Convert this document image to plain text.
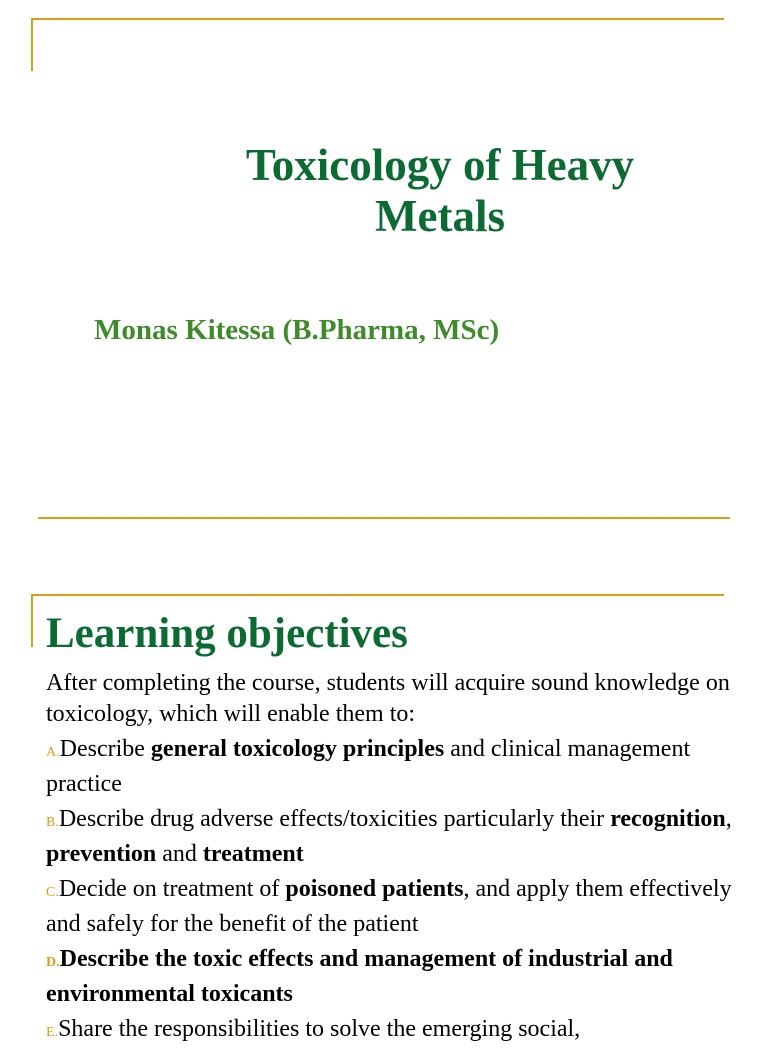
Toxicology of Heavy
Metals

Monas Kitessa (B.Pharma, MSc)

Learning objectives

After completing the course, students will acquire sound knowledge on toxicology, which will enable them to:

A.Describe general toxicology principles and clinical management practice

B.Describe drug adverse effects/toxicities particularly their recognition, prevention and treatment

C.Decide on treatment of poisoned patients, and apply them effectively and safely for the benefit of the patient

D.Describe the toxic effects and management of industrial and environmental toxicants

E.Share the responsibilities to solve the emerging social,
